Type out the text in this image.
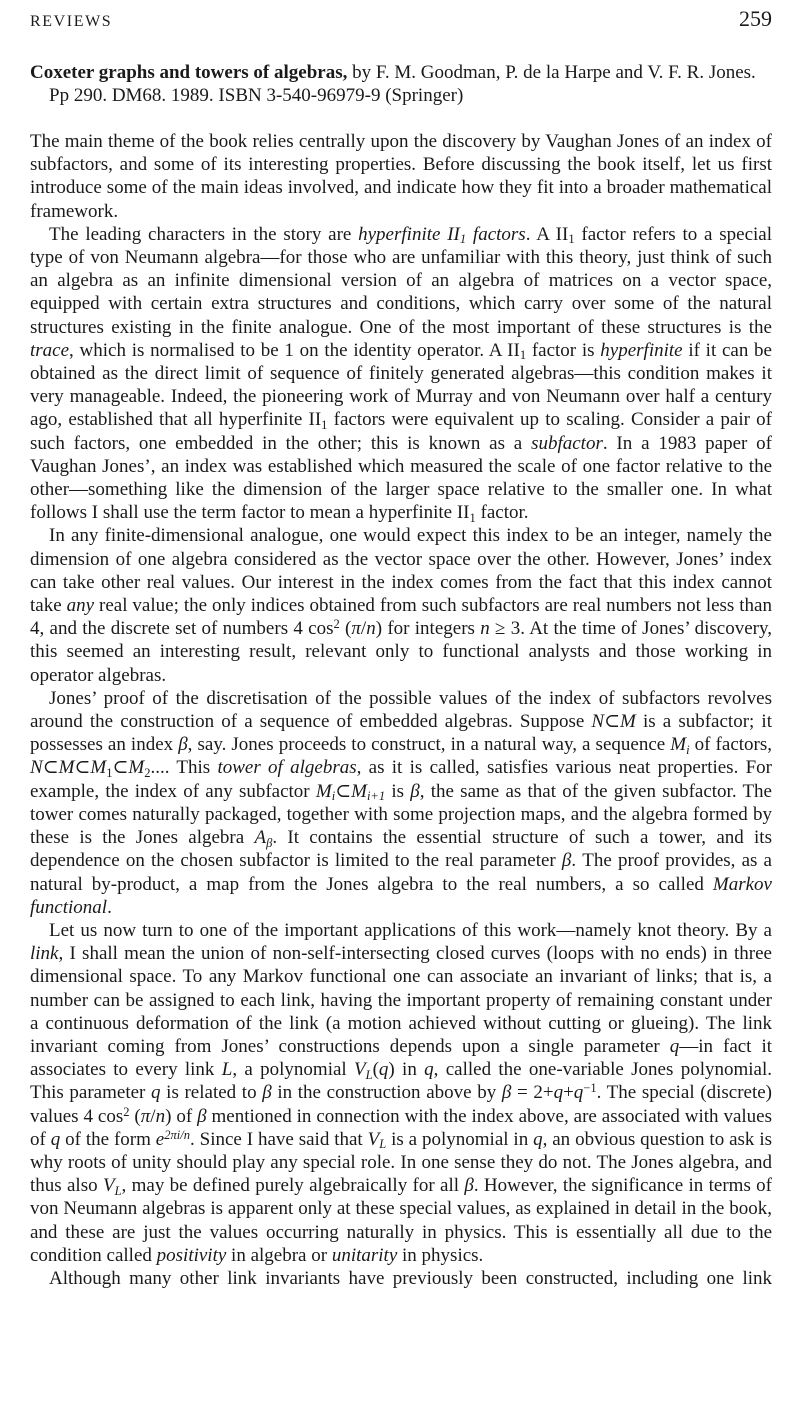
REVIEWS	259
Coxeter graphs and towers of algebras, by F. M. Goodman, P. de la Harpe and V. F. R. Jones.
Pp 290. DM68. 1989. ISBN 3-540-96979-9 (Springer)

The main theme of the book relies centrally upon the discovery by Vaughan Jones of an index of subfactors, and some of its interesting properties. Before discussing the book itself, let us first introduce some of the main ideas involved, and indicate how they fit into a broader mathematical framework.

The leading characters in the story are hyperfinite $II_1$ factors. A $II_1$ factor refers to a special type of von Neumann algebra—for those who are unfamiliar with this theory, just think of such an algebra as an infinite dimensional version of an algebra of matrices on a vector space, equipped with certain extra structures and conditions, which carry over some of the natural structures existing in the finite analogue. One of the most important of these structures is the trace, which is normalised to be 1 on the identity operator. A $II_1$ factor is hyperfinite if it can be obtained as the direct limit of sequence of finitely generated algebras—this condition makes it very manageable. Indeed, the pioneering work of Murray and von Neumann over half a century ago, established that all hyperfinite $II_1$ factors were equivalent up to scaling. Consider a pair of such factors, one embedded in the other; this is known as a subfactor. In a 1983 paper of Vaughan Jones’, an index was established which measured the scale of one factor relative to the other—something like the dimension of the larger space relative to the smaller one. In what follows I shall use the term factor to mean a hyperfinite $II_1$ factor.

In any finite-dimensional analogue, one would expect this index to be an integer, namely the dimension of one algebra considered as the vector space over the other. However, Jones’ index can take other real values. Our interest in the index comes from the fact that this index cannot take any real value; the only indices obtained from such subfactors are real numbers not less than 4, and the discrete set of numbers 4 $\cos^2 (\pi/n)$ for integers n ≥ 3. At the time of Jones’ discovery, this seemed an interesting result, relevant only to functional analysts and those working in operator algebras.

Jones’ proof of the discretisation of the possible values of the index of subfactors revolves around the construction of a sequence of embedded algebras. Suppose N⊂M is a subfactor; it possesses an index β, say. Jones proceeds to construct, in a natural way, a sequence $M_i$ of factors, $N\subset M\subset M_1\subset M_2$.... This tower of algebras, as it is called, satisfies various neat properties. For example, the index of any subfactor $M_i\subset M_{i+1}$ is β, the same as that of the given subfactor. The tower comes naturally packaged, together with some projection maps, and the algebra formed by these is the Jones algebra $A_\beta$. It contains the essential structure of such a tower, and its dependence on the chosen subfactor is limited to the real parameter β. The proof provides, as a natural by-product, a map from the Jones algebra to the real numbers, a so called Markov functional.

Let us now turn to one of the important applications of this work—namely knot theory. By a link, I shall mean the union of non-self-intersecting closed curves (loops with no ends) in three dimensional space. To any Markov functional one can associate an invariant of links; that is, a number can be assigned to each link, having the important property of remaining constant under a continuous deformation of the link (a motion achieved without cutting or glueing). The link invariant coming from Jones’ constructions depends upon a single parameter q—in fact it associates to every link L, a polynomial $V_L(q)$ in q, called the one-variable Jones polynomial. This parameter q is related to β in the construction above by $\beta = 2+q+q^{-1}$. The special (discrete) values 4 $\cos^2 (\pi/n)$ of β mentioned in connection with the index above, are associated with values of q of the form $e^{2\pi i/n}$. Since I have said that $V_L$ is a polynomial in q, an obvious question to ask is why roots of unity should play any special role. In one sense they do not. The Jones algebra, and thus also $V_L$, may be defined purely algebraically for all β. However, the significance in terms of von Neumann algebras is apparent only at these special values, as explained in detail in the book, and these are just the values occurring naturally in physics. This is essentially all due to the condition called positivity in algebra or unitarity in physics.

Although many other link invariants have previously been constructed, including one link
